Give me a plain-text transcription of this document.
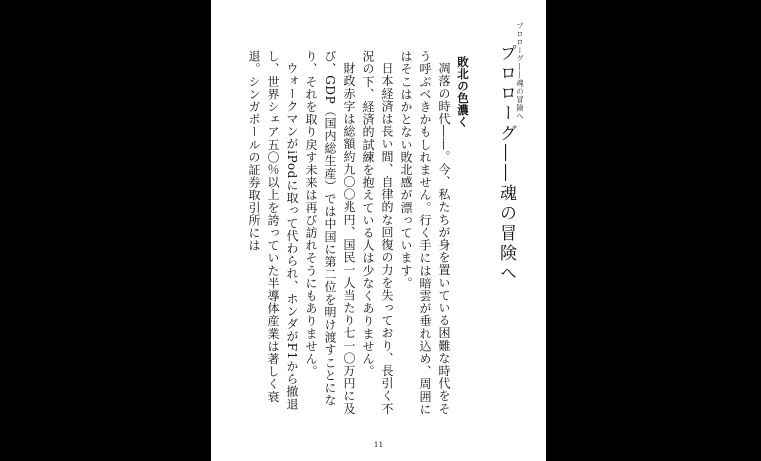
プロローグ――魂の冒険へ
プロローグ――魂の冒険へ
敗北の色濃く

凋落の時代――。今、私たちが身を置いている困難な時代をそう呼ぶべきかもしれません。行く手には暗雲が垂れ込め、周囲にはそこはかとない敗北感が漂っています。

日本経済は長い間、自律的な回復の力を失っており、長引く不況の下、経済的試練を抱えている人は少なくありません。

財政赤字は総額約九〇〇兆円、国民一人当たり七一〇万円に及び、GDP（国内総生産）では中国に第二位を明け渡すことになり、それを取り戻す未来は再び訪れそうにもありません。

ウォークマンがiPodに取って代わられ、ホンダがF1から撤退し、世界シェア五〇％以上を誇っていた半導体産業は著しく衰退。シンガポールの証券取引所には

11
